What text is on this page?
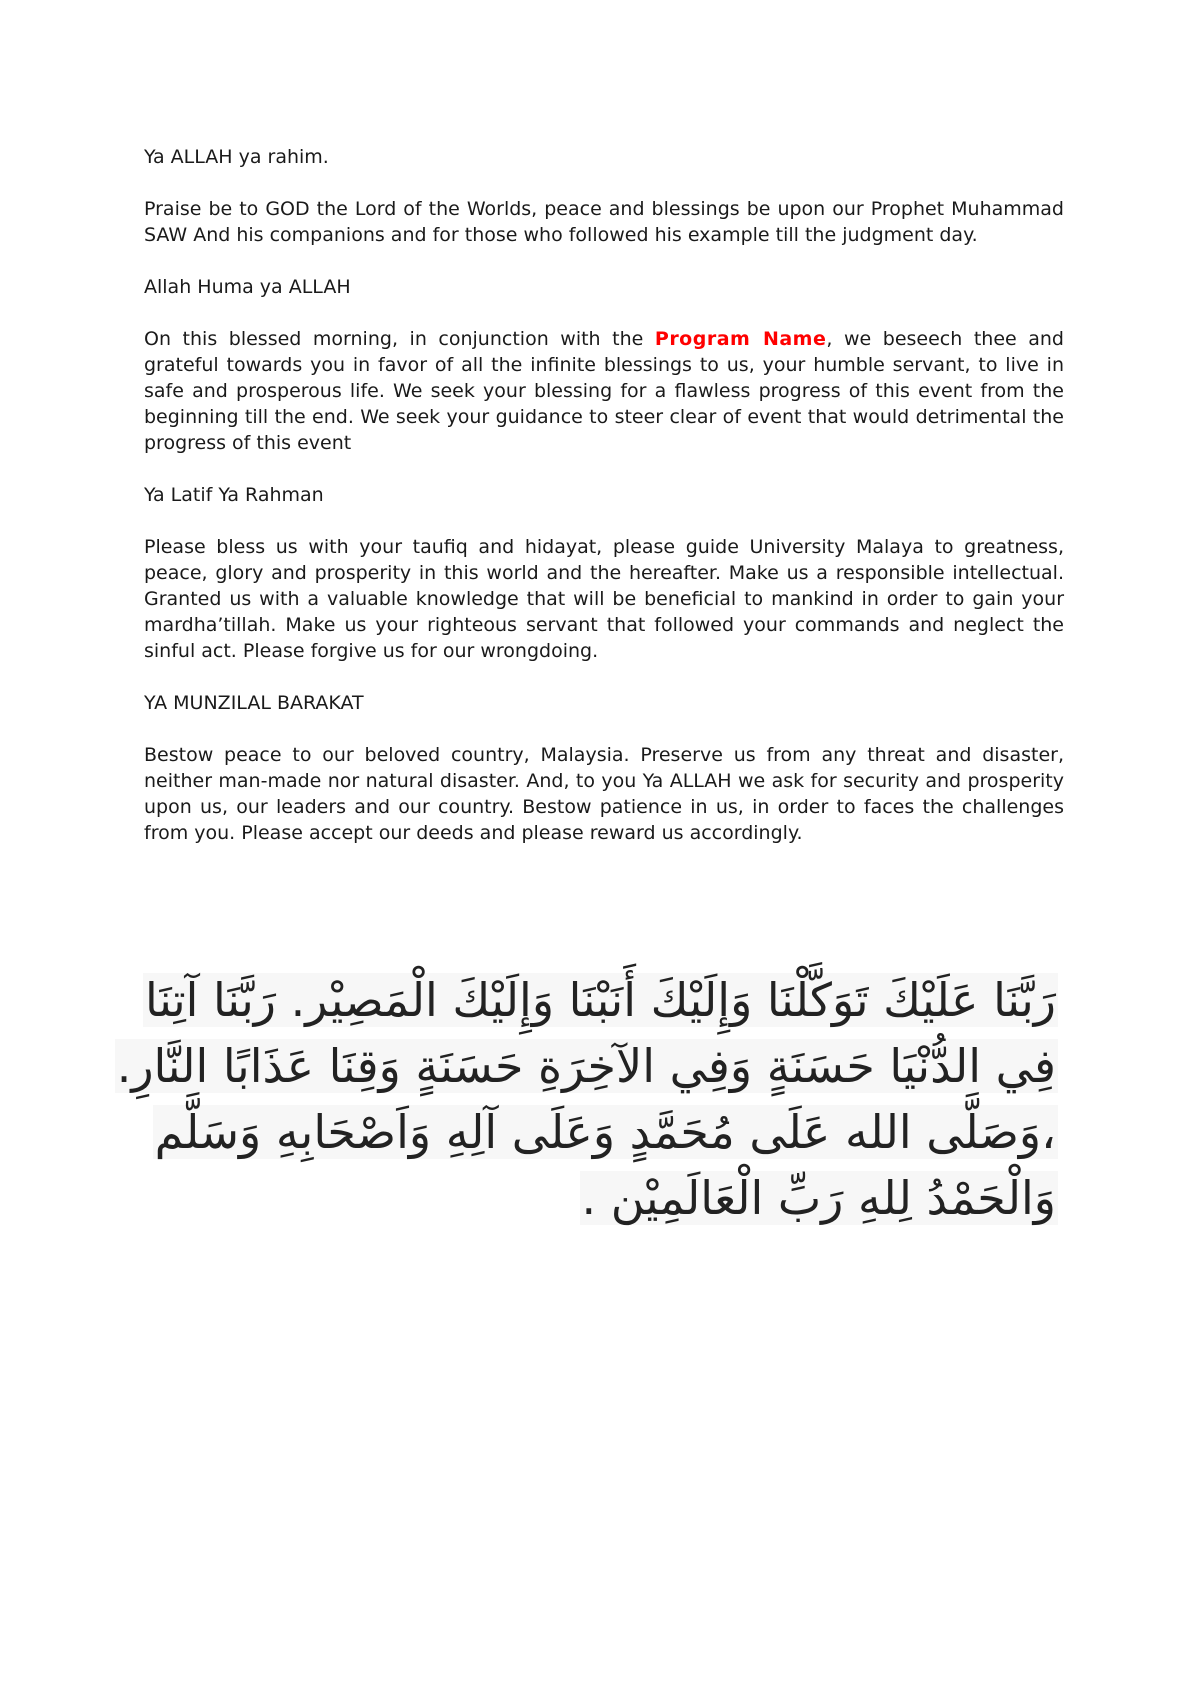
Ya ALLAH ya rahim.

Praise be to GOD the Lord of the Worlds, peace and blessings be upon our Prophet Muhammad SAW And his companions and for those who followed his example till the judgment day.

Allah Huma ya ALLAH

On this blessed morning, in conjunction with the Program Name, we beseech thee and grateful towards you in favor of all the infinite blessings to us, your humble servant, to live in safe and prosperous life. We seek your blessing for a flawless progress of this event from the beginning till the end. We seek your guidance to steer clear of event that would detrimental the progress of this event

Ya Latif Ya Rahman

Please bless us with your taufiq and hidayat, please guide University Malaya to greatness, peace, glory and prosperity in this world and the hereafter. Make us a responsible intellectual. Granted us with a valuable knowledge that will be beneficial to mankind in order to gain your mardha’tillah. Make us your righteous servant that followed your commands and neglect the sinful act. Please forgive us for our wrongdoing.

YA MUNZILAL BARAKAT

Bestow peace to our beloved country, Malaysia. Preserve us from any threat and disaster, neither man-made nor natural disaster. And, to you Ya ALLAH we ask for security and prosperity upon us, our leaders and our country. Bestow patience in us, in order to faces the challenges from you. Please accept our deeds and please reward us accordingly.

رَبَّنَا عَلَيْكَ تَوَكَّلْنَا وَإِلَيْكَ أَنَبْنَا وَإِلَيْكَ الْمَصِيْر. رَبَّنَا آتِنَا
فِي الدُّنْيَا حَسَنَةٍ وَفِي الآخِرَةِ حَسَنَةٍ وَقِنَا عَذَابًا النَّارِ.
،وَصَلَّى الله عَلَى مُحَمَّدٍ وَعَلَى آلِهِ وَاَصْحَابِهِ وَسَلَّم
وَالْحَمْدُ لِلهِ رَبِّ الْعَالَمِيْن .
